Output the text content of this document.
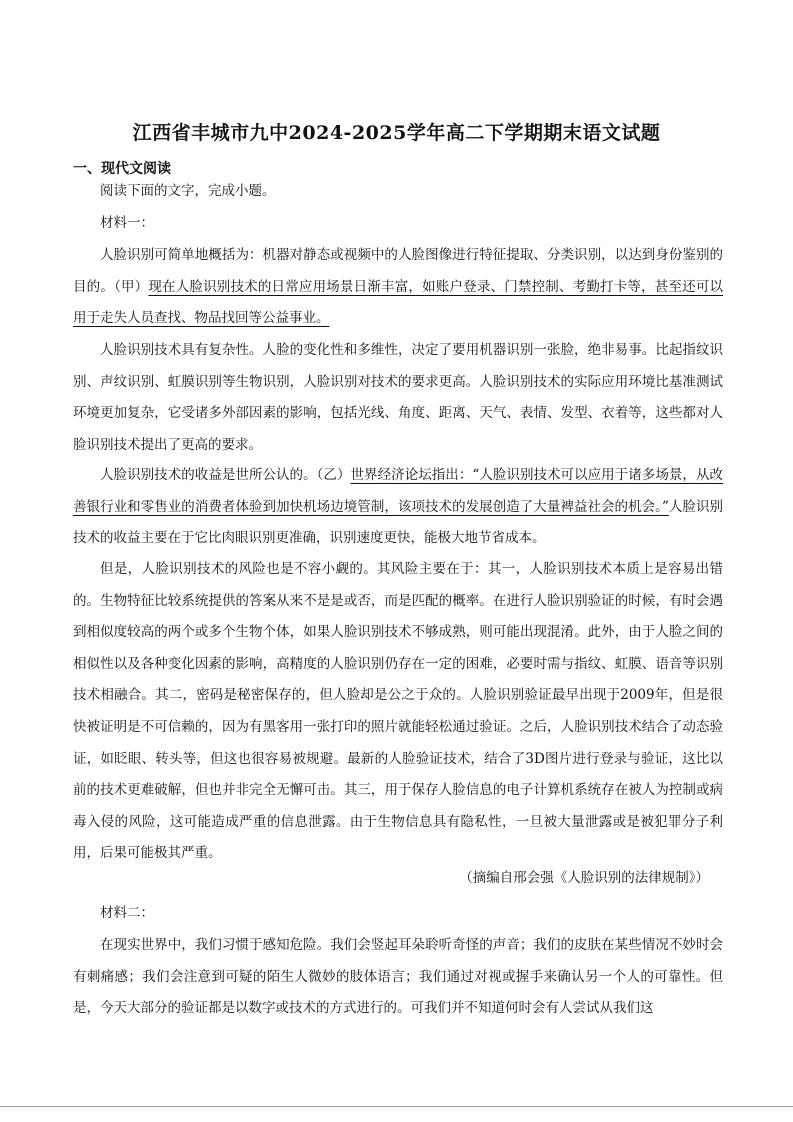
江西省丰城市九中2024-2025学年高二下学期期末语文试题
一、现代文阅读
阅读下面的文字，完成小题。
材料一：
人脸识别可简单地概括为：机器对静态或视频中的人脸图像进行特征提取、分类识别，以达到身份鉴别的目的。（甲）现在人脸识别技术的日常应用场景日渐丰富，如账户登录、门禁控制、考勤打卡等，甚至还可以用于走失人员查找、物品找回等公益事业。
人脸识别技术具有复杂性。人脸的变化性和多维性，决定了要用机器识别一张脸，绝非易事。比起指纹识别、声纹识别、虹膜识别等生物识别，人脸识别对技术的要求更高。人脸识别技术的实际应用环境比基准测试环境更加复杂，它受诸多外部因素的影响，包括光线、角度、距离、天气、表情、发型、衣着等，这些都对人脸识别技术提出了更高的要求。
人脸识别技术的收益是世所公认的。（乙）世界经济论坛指出：“人脸识别技术可以应用于诸多场景，从改善银行业和零售业的消费者体验到加快机场边境管制，该项技术的发展创造了大量裨益社会的机会。”人脸识别技术的收益主要在于它比肉眼识别更准确，识别速度更快，能极大地节省成本。
但是，人脸识别技术的风险也是不容小觑的。其风险主要在于：其一，人脸识别技术本质上是容易出错的。生物特征比较系统提供的答案从来不是是或否，而是匹配的概率。在进行人脸识别验证的时候，有时会遇到相似度较高的两个或多个生物个体，如果人脸识别技术不够成熟，则可能出现混淆。此外，由于人脸之间的相似性以及各种变化因素的影响，高精度的人脸识别仍存在一定的困难，必要时需与指纹、虹膜、语音等识别技术相融合。其二，密码是秘密保存的，但人脸却是公之于众的。人脸识别验证最早出现于2009年，但是很快被证明是不可信赖的，因为有黑客用一张打印的照片就能轻松通过验证。之后，人脸识别技术结合了动态验证，如眨眼、转头等，但这也很容易被规避。最新的人脸验证技术，结合了3D图片进行登录与验证，这比以前的技术更难破解，但也并非完全无懈可击。其三，用于保存人脸信息的电子计算机系统存在被人为控制或病毒入侵的风险，这可能造成严重的信息泄露。由于生物信息具有隐私性，一旦被大量泄露或是被犯罪分子利用，后果可能极其严重。
（摘编自邢会强《人脸识别的法律规制》）
材料二：
在现实世界中，我们习惯于感知危险。我们会竖起耳朵聆听奇怪的声音；我们的皮肤在某些情况不妙时会有刺痛感；我们会注意到可疑的陌生人微妙的肢体语言；我们通过对视或握手来确认另一个人的可靠性。但是，今天大部分的验证都是以数字或技术的方式进行的。可我们并不知道何时会有人尝试从我们这
